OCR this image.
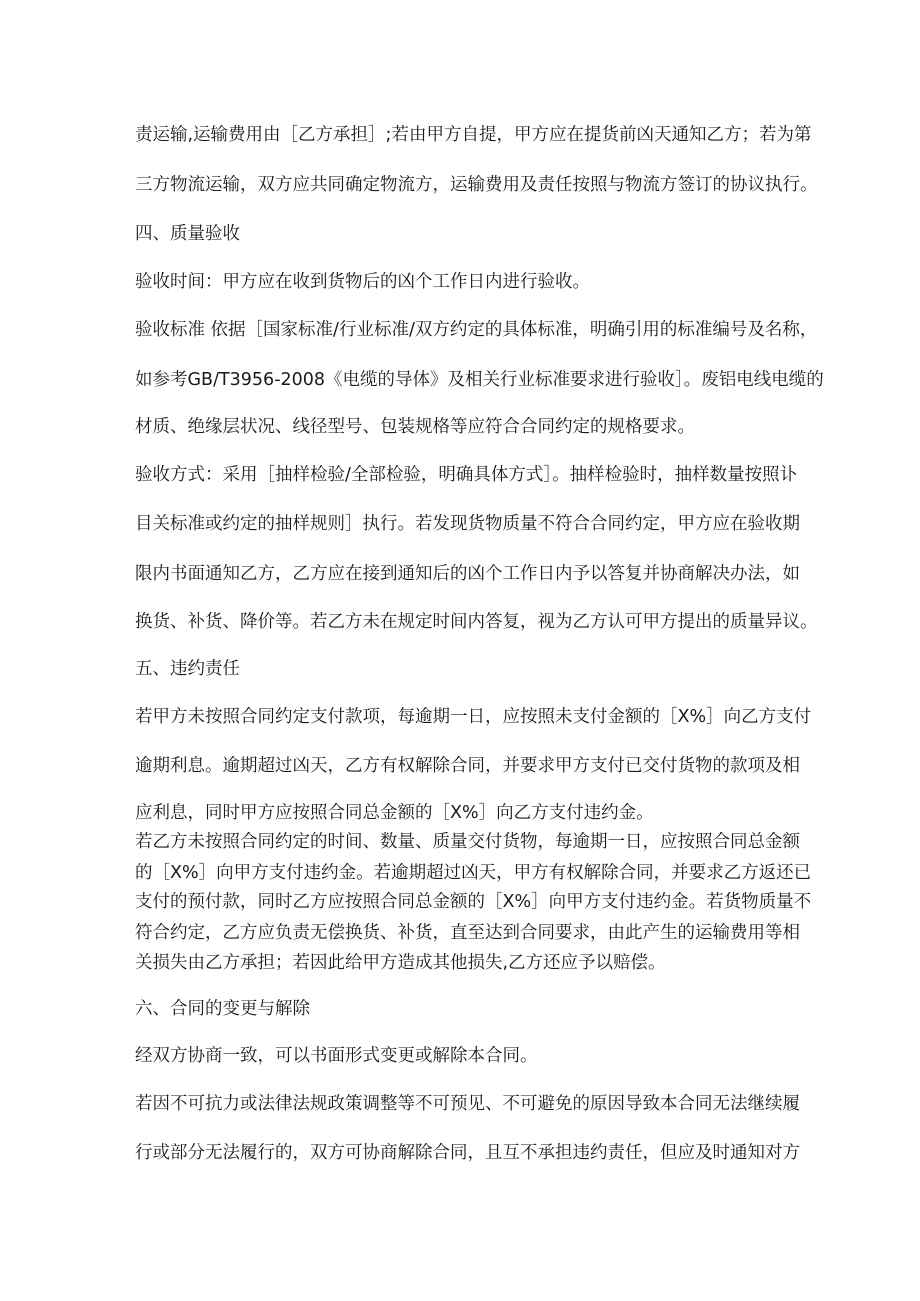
责运输,运输费用由［乙方承担］;若由甲方自提，甲方应在提货前凶天通知乙方；若为第
三方物流运输，双方应共同确定物流方，运输费用及责任按照与物流方签订的协议执行。
四、质量验收
验收时间：甲方应在收到货物后的凶个工作日内进行验收。
验收标准 依据［国家标准/行业标准/双方约定的具体标准，明确引用的标准编号及名称，
如参考GB/T3956-2008《电缆的导体》及相关行业标准要求进行验收］。废铝电线电缆的
材质、绝缘层状况、线径型号、包装规格等应符合合同约定的规格要求。
验收方式：采用［抽样检验/全部检验，明确具体方式］。抽样检验时，抽样数量按照讣
目关标准或约定的抽样规则］执行。若发现货物质量不符合合同约定，甲方应在验收期
限内书面通知乙方，乙方应在接到通知后的凶个工作日内予以答复并协商解决办法，如
换货、补货、降价等。若乙方未在规定时间内答复，视为乙方认可甲方提出的质量异议。
五、违约责任
若甲方未按照合同约定支付款项，每逾期一日，应按照未支付金额的［X%］向乙方支付
逾期利息。逾期超过凶天，乙方有权解除合同，并要求甲方支付已交付货物的款项及相
应利息，同时甲方应按照合同总金额的［X%］向乙方支付违约金。
若乙方未按照合同约定的时间、数量、质量交付货物，每逾期一日，应按照合同总金额
的［X%］向甲方支付违约金。若逾期超过凶天，甲方有权解除合同，并要求乙方返还已
支付的预付款，同时乙方应按照合同总金额的［X%］向甲方支付违约金。若货物质量不
符合约定，乙方应负责无偿换货、补货，直至达到合同要求，由此产生的运输费用等相
关损失由乙方承担；若因此给甲方造成其他损失,乙方还应予以赔偿。
六、合同的变更与解除
经双方协商一致，可以书面形式变更或解除本合同。
若因不可抗力或法律法规政策调整等不可预见、不可避免的原因导致本合同无法继续履
行或部分无法履行的，双方可协商解除合同，且互不承担违约责任，但应及时通知对方
